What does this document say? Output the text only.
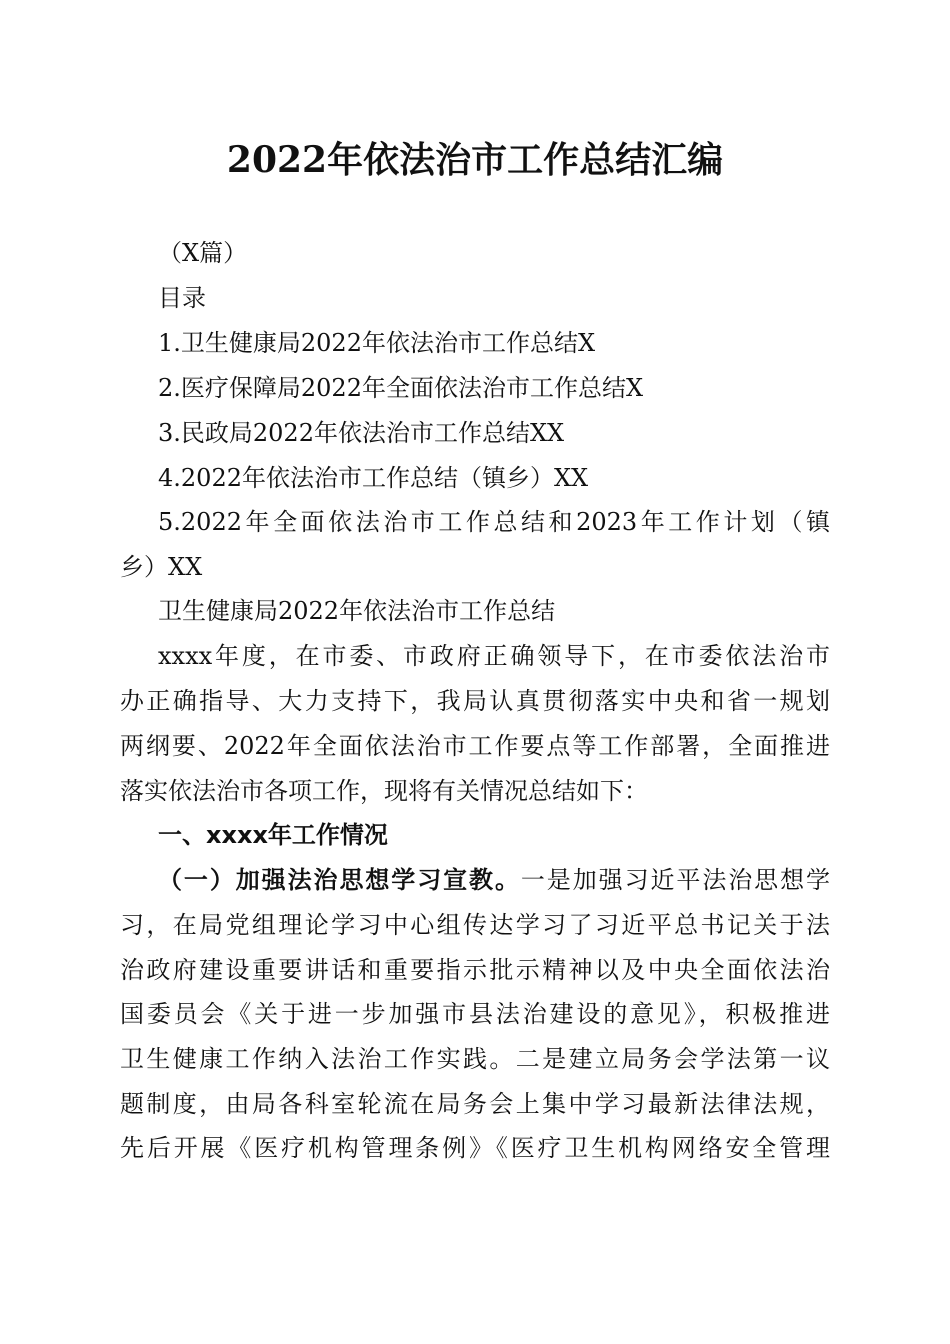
2022年依法治市工作总结汇编
（X篇）
目录
1.卫生健康局2022年依法治市工作总结X
2.医疗保障局2022年全面依法治市工作总结X
3.民政局2022年依法治市工作总结XX
4.2022年依法治市工作总结（镇乡）XX
5.2022年全面依法治市工作总结和2023年工作计划（镇
乡）XX
卫生健康局2022年依法治市工作总结
xxxx年度，在市委、市政府正确领导下，在市委依法治市
办正确指导、大力支持下，我局认真贯彻落实中央和省一规划
两纲要、2022年全面依法治市工作要点等工作部署，全面推进
落实依法治市各项工作，现将有关情况总结如下：
一、xxxx年工作情况
（一）加强法治思想学习宣教。一是加强习近平法治思想学
习，在局党组理论学习中心组传达学习了习近平总书记关于法
治政府建设重要讲话和重要指示批示精神以及中央全面依法治
国委员会《关于进一步加强市县法治建设的意见》，积极推进
卫生健康工作纳入法治工作实践。二是建立局务会学法第一议
题制度，由局各科室轮流在局务会上集中学习最新法律法规，
先后开展《医疗机构管理条例》《医疗卫生机构网络安全管理
